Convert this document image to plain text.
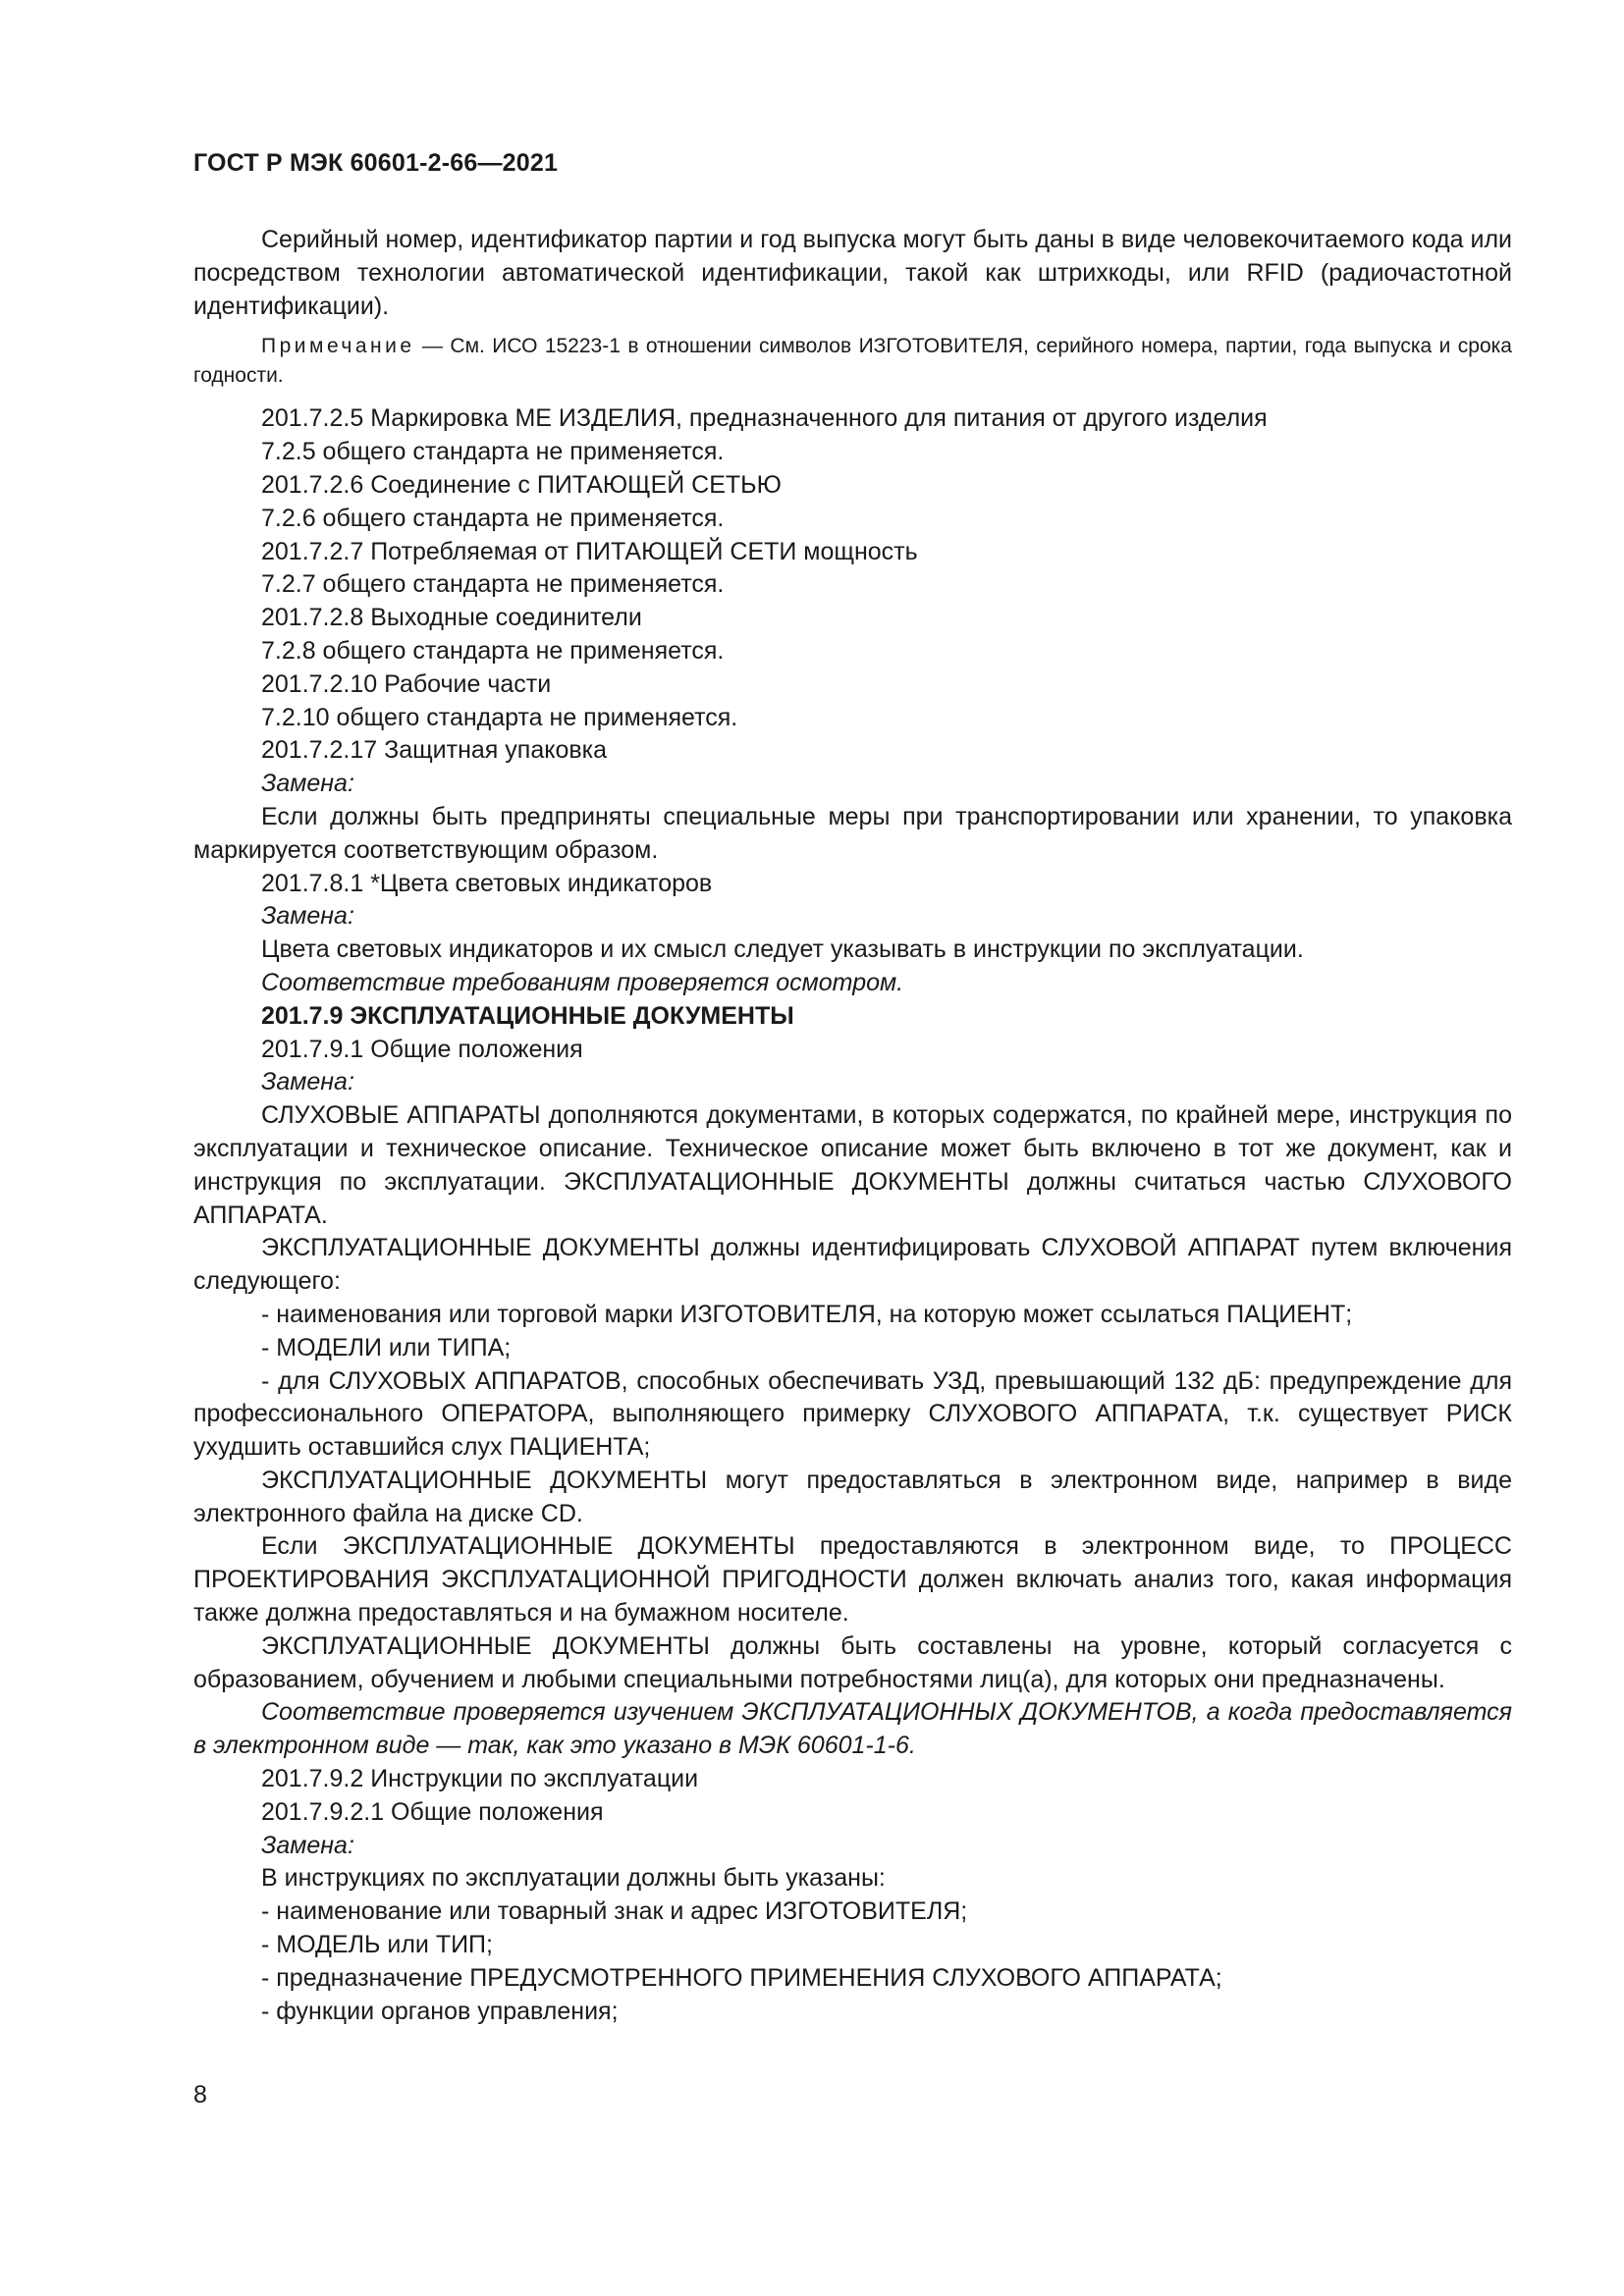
ГОСТ Р МЭК 60601-2-66—2021

Серийный номер, идентификатор партии и год выпуска могут быть даны в виде человекочитаемого кода или посредством технологии автоматической идентификации, такой как штрихкоды, или RFID (радиочастотной идентификации).

Примечание — См. ИСО 15223-1 в отношении символов ИЗГОТОВИТЕЛЯ, серийного номера, партии, года выпуска и срока годности.

201.7.2.5 Маркировка МЕ ИЗДЕЛИЯ, предназначенного для питания от другого изделия

7.2.5 общего стандарта не применяется.

201.7.2.6 Соединение с ПИТАЮЩЕЙ СЕТЬЮ

7.2.6 общего стандарта не применяется.

201.7.2.7 Потребляемая от ПИТАЮЩЕЙ СЕТИ мощность

7.2.7 общего стандарта не применяется.

201.7.2.8 Выходные соединители

7.2.8 общего стандарта не применяется.

201.7.2.10 Рабочие части

7.2.10 общего стандарта не применяется.

201.7.2.17 Защитная упаковка

Замена:

Если должны быть предприняты специальные меры при транспортировании или хранении, то упаковка маркируется соответствующим образом.

201.7.8.1 *Цвета световых индикаторов

Замена:

Цвета световых индикаторов и их смысл следует указывать в инструкции по эксплуатации.

Соответствие требованиям проверяется осмотром.

201.7.9 ЭКСПЛУАТАЦИОННЫЕ ДОКУМЕНТЫ

201.7.9.1 Общие положения

Замена:

СЛУХОВЫЕ АППАРАТЫ дополняются документами, в которых содержатся, по крайней мере, инструкция по эксплуатации и техническое описание. Техническое описание может быть включено в тот же документ, как и инструкция по эксплуатации. ЭКСПЛУАТАЦИОННЫЕ ДОКУМЕНТЫ должны считаться частью СЛУХОВОГО АППАРАТА.

ЭКСПЛУАТАЦИОННЫЕ ДОКУМЕНТЫ должны идентифицировать СЛУХОВОЙ АППАРАТ путем включения следующего:

- наименования или торговой марки ИЗГОТОВИТЕЛЯ, на которую может ссылаться ПАЦИЕНТ;

- МОДЕЛИ или ТИПА;

- для СЛУХОВЫХ АППАРАТОВ, способных обеспечивать УЗД, превышающий 132 дБ: предупреждение для профессионального ОПЕРАТОРА, выполняющего примерку СЛУХОВОГО АППАРАТА, т.к. существует РИСК ухудшить оставшийся слух ПАЦИЕНТА;

ЭКСПЛУАТАЦИОННЫЕ ДОКУМЕНТЫ могут предоставляться в электронном виде, например в виде электронного файла на диске CD.

Если ЭКСПЛУАТАЦИОННЫЕ ДОКУМЕНТЫ предоставляются в электронном виде, то ПРОЦЕСС ПРОЕКТИРОВАНИЯ ЭКСПЛУАТАЦИОННОЙ ПРИГОДНОСТИ должен включать анализ того, какая информация также должна предоставляться и на бумажном носителе.

ЭКСПЛУАТАЦИОННЫЕ ДОКУМЕНТЫ должны быть составлены на уровне, который согласуется с образованием, обучением и любыми специальными потребностями лиц(а), для которых они предназначены.

Соответствие проверяется изучением ЭКСПЛУАТАЦИОННЫХ ДОКУМЕНТОВ, а когда предоставляется в электронном виде — так, как это указано в МЭК 60601-1-6.

201.7.9.2 Инструкции по эксплуатации

201.7.9.2.1 Общие положения

Замена:

В инструкциях по эксплуатации должны быть указаны:

- наименование или товарный знак и адрес ИЗГОТОВИТЕЛЯ;

- МОДЕЛЬ или ТИП;

- предназначение ПРЕДУСМОТРЕННОГО ПРИМЕНЕНИЯ СЛУХОВОГО АППАРАТА;

- функции органов управления;

8
